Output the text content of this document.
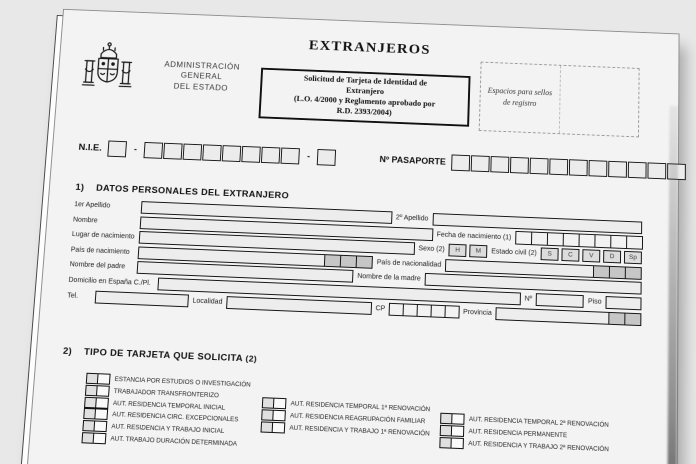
ADMINISTRACIÓN
GENERAL
DEL ESTADO
EXTRANJEROS
Solicitud de Tarjeta de Identidad de
Extranjero
(L.O. 4/2000 y Reglamento aprobado por
R.D. 2393/2004)
Espacios para sellos
de registro
N.I.E.	-
-	Nº PASAPORTE
1) DATOS PERSONALES DEL EXTRANJERO
1er Apellido
2º Apellido
Nombre
Fecha de nacimiento (1)
Lugar de nacimiento
Sexo (2)	H	M	Estado civil (2)	S	C	V	D	Sp
País de nacimiento
País de nacionalidad
Nombre del padre
Nombre de la madre
Domicilio en España C./Pl.
Nº	Piso
Tel.
Localidad
CP	Provincia
2) TIPO DE TARJETA QUE SOLICITA (2)
ESTANCIA POR ESTUDIOS O INVESTIGACIÓN
TRABAJADOR TRANSFRONTERIZO
AUT. RESIDENCIA TEMPORAL INICIAL
AUT. RESIDENCIA CIRC. EXCEPCIONALES
AUT. RESIDENCIA Y TRABAJO INICIAL
AUT. TRABAJO DURACIÓN DETERMINADA
AUT. RESIDENCIA TEMPORAL 1ª RENOVACIÓN
AUT. RESIDENCIA REAGRUPACIÓN FAMILIAR
AUT. RESIDENCIA Y TRABAJO 1ª RENOVACIÓN
AUT. RESIDENCIA TEMPORAL 2ª RENOVACIÓN
AUT. RESIDENCIA PERMANENTE
AUT. RESIDENCIA Y TRABAJO 2ª RENOVACIÓN
